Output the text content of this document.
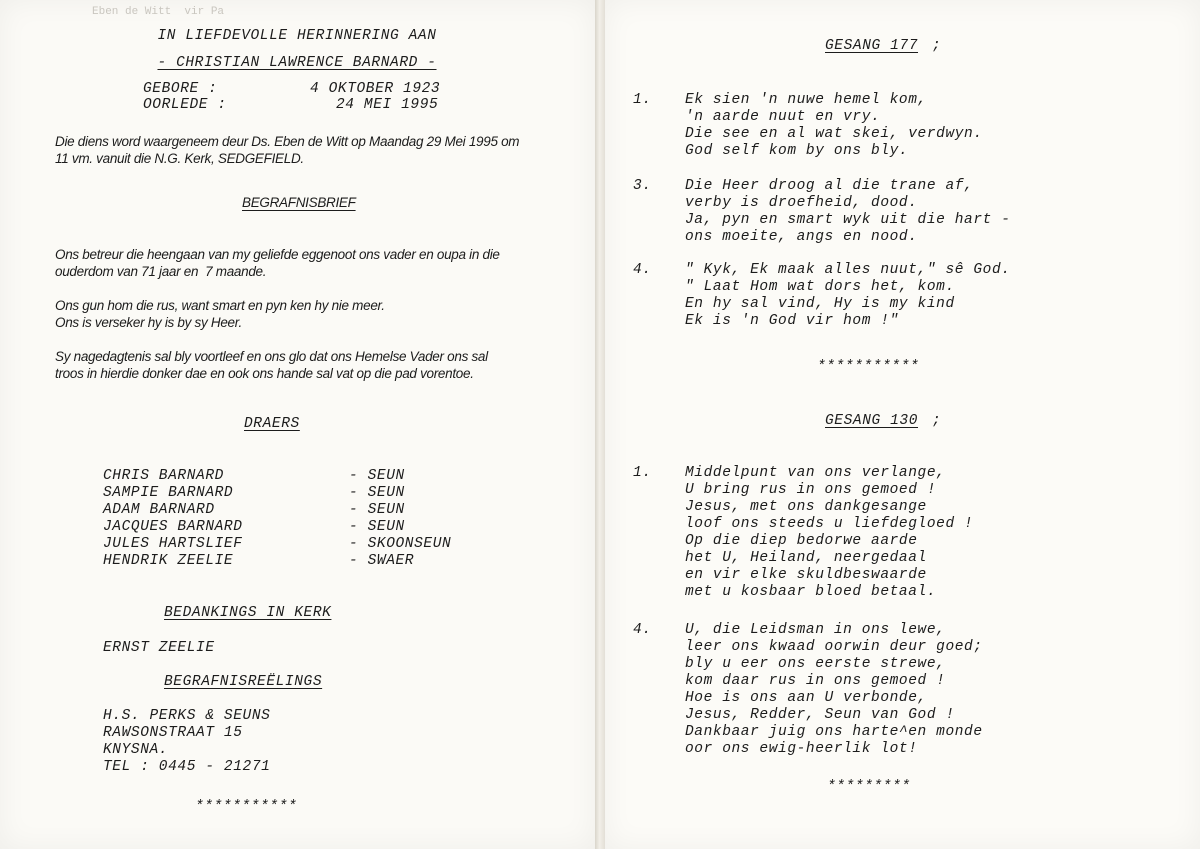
Eben de Witt  vir Pa
IN LIEFDEVOLLE HERINNERING AAN
- CHRISTIAN LAWRENCE BARNARD -
GEBORE :	4 OKTOBER 1923
OORLEDE :	24 MEI 1995
Die diens word waargeneem deur Ds. Eben de Witt op Maandag 29 Mei 1995 om
11 vm. vanuit die N.G. Kerk, SEDGEFIELD.
BEGRAFNISBRIEF
Ons betreur die heengaan van my geliefde eggenoot ons vader en oupa in die
ouderdom van 71 jaar en  7 maande.
Ons gun hom die rus, want smart en pyn ken hy nie meer.
Ons is verseker hy is by sy Heer.
Sy nagedagtenis sal bly voortleef en ons glo dat ons Hemelse Vader ons sal
troos in hierdie donker dae en ook ons hande sal vat op die pad vorentoe.
DRAERS
CHRIS BARNARD	- SEUN
SAMPIE BARNARD	- SEUN
ADAM BARNARD	- SEUN
JACQUES BARNARD	- SEUN
JULES HARTSLIEF	- SKOONSEUN
HENDRIK ZEELIE	- SWAER
BEDANKINGS IN KERK
ERNST ZEELIE
BEGRAFNISREËLINGS
H.S. PERKS & SEUNS
RAWSONSTRAAT 15
KNYSNA.
TEL : 0445 - 21271
***********
GESANG 177 ;
1. Ek sien 'n nuwe hemel kom,
'n aarde nuut en vry.
Die see en al wat skei, verdwyn.
God self kom by ons bly.
3. Die Heer droog al die trane af,
verby is droefheid, dood.
Ja, pyn en smart wyk uit die hart -
ons moeite, angs en nood.
4. " Kyk, Ek maak alles nuut," sê God.
" Laat Hom wat dors het, kom.
En hy sal vind, Hy is my kind
Ek is 'n God vir hom !"
***********
GESANG 130 ;
1. Middelpunt van ons verlange,
U bring rus in ons gemoed !
Jesus, met ons dankgesange
loof ons steeds u liefdegloed !
Op die diep bedorwe aarde
het U, Heiland, neergedaal
en vir elke skuldbeswaarde
met u kosbaar bloed betaal.
4. U, die Leidsman in ons lewe,
leer ons kwaad oorwin deur goed;
bly u eer ons eerste strewe,
kom daar rus in ons gemoed !
Hoe is ons aan U verbonde,
Jesus, Redder, Seun van God !
Dankbaar juig ons harte^en monde
oor ons ewig-heerlik lot!
*********
